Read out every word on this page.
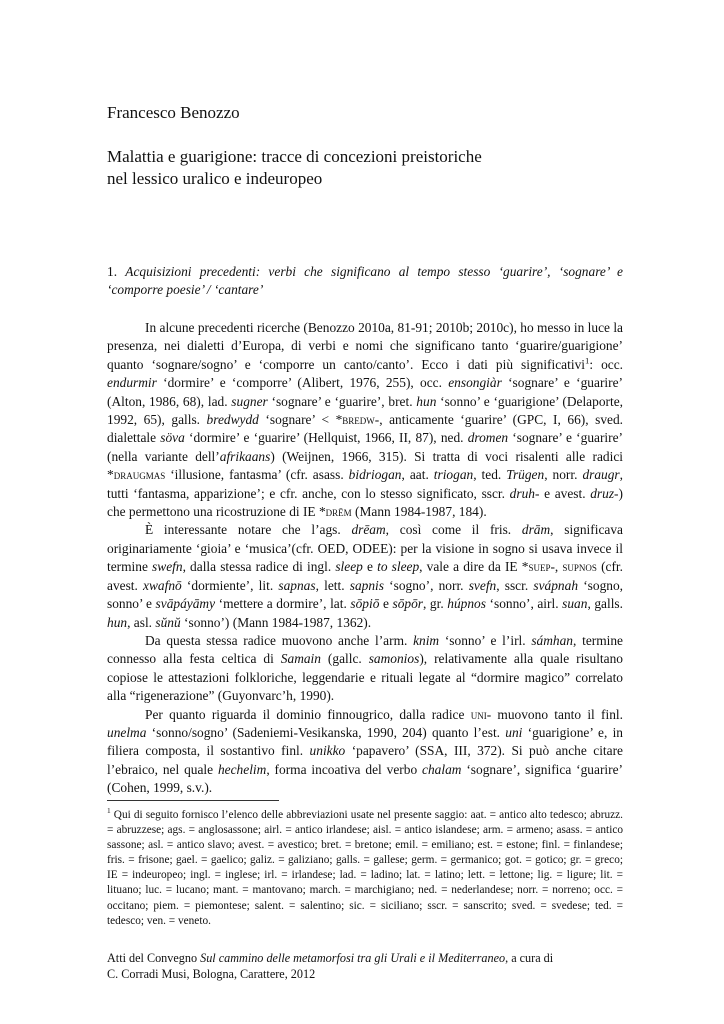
Francesco Benozzo
Malattia e guarigione: tracce di concezioni preistoriche
nel lessico uralico e indeuropeo
1. Acquisizioni precedenti: verbi che significano al tempo stesso ‘guarire’, ‘sognare’ e ‘comporre poesie’ / ‘cantare’

In alcune precedenti ricerche (Benozzo 2010a, 81-91; 2010b; 2010c), ho messo in luce la presenza, nei dialetti d’Europa, di verbi e nomi che significano tanto ‘guarire/guarigione’ quanto ‘sognare/sogno’ e ‘comporre un canto/canto’. Ecco i dati più significativi$^1$: occ. endurmir ‘dormire’ e ‘comporre’ (Alibert, 1976, 255), occ. ensongiàr ‘sognare’ e ‘guarire’ (Alton, 1986, 68), lad. sugner ‘sognare’ e ‘guarire’, bret. hun ‘sonno’ e ‘guarigione’ (Delaporte, 1992, 65), galls. bredwydd ‘sognare’ < *bredw-, anticamente ‘guarire’ (GPC, I, 66), sved. dialettale söva ‘dormire’ e ‘guarire’ (Hellquist, 1966, II, 87), ned. dromen ‘sognare’ e ‘guarire’ (nella variante dell’afrikaans) (Weijnen, 1966, 315). Si tratta di voci risalenti alle radici *draugmas ‘illusione, fantasma’ (cfr. asass. bidriogan, aat. triogan, ted. Trügen, norr. draugr, tutti ‘fantasma, apparizione’; e cfr. anche, con lo stesso significato, sscr. druh- e avest. druz-) che permettono una ricostruzione di IE *drēm (Mann 1984-1987, 184).

È interessante notare che l’ags. drēam, così come il fris. drām, significava originariamente ‘gioia’ e ‘musica’(cfr. OED, ODEE): per la visione in sogno si usava invece il termine swefn, dalla stessa radice di ingl. sleep e to sleep, vale a dire da IE *suep-, supnos (cfr. avest. xwafnō ‘dormiente’, lit. sapnas, lett. sapnis ‘sogno’, norr. svefn, sscr. svápnah ‘sogno, sonno’ e svāpáyāmy ‘mettere a dormire’, lat. sōpiō e sōpōr, gr. húpnos ‘sonno’, airl. suan, galls. hun, asl. sŭnŭ ‘sonno’) (Mann 1984-1987, 1362).

Da questa stessa radice muovono anche l’arm. knim ‘sonno’ e l’irl. sámhan, termine connesso alla festa celtica di Samain (gallc. samonios), relativamente alla quale risultano copiose le attestazioni folkloriche, leggendarie e rituali legate al “dormire magico” correlato alla “rigenerazione” (Guyonvarc’h, 1990).

Per quanto riguarda il dominio finnougrico, dalla radice uni- muovono tanto il finl. unelma ‘sonno/sogno’ (Sadeniemi-Vesikanska, 1990, 204) quanto l’est. uni ‘guarigione’ e, in filiera composta, il sostantivo finl. unikko ‘papavero’ (SSA, III, 372). Si può anche citare l’ebraico, nel quale hechelim, forma incoativa del verbo chalam ‘sognare’, significa ‘guarire’ (Cohen, 1999, s.v.).

$^1$ Qui di seguito fornisco l’elenco delle abbreviazioni usate nel presente saggio: aat. = antico alto tedesco; abruzz. = abruzzese; ags. = anglosassone; airl. = antico irlandese; aisl. = antico islandese; arm. = armeno; asass. = antico sassone; asl. = antico slavo; avest. = avestico; bret. = bretone; emil. = emiliano; est. = estone; finl. = finlandese; fris. = frisone; gael. = gaelico; galiz. = galiziano; galls. = gallese; germ. = germanico; got. = gotico; gr. = greco; IE = indeuropeo; ingl. = inglese; irl. = irlandese; lad. = ladino; lat. = latino; lett. = lettone; lig. = ligure; lit. = lituano; luc. = lucano; mant. = mantovano; march. = marchigiano; ned. = nederlandese; norr. = norreno; occ. = occitano; piem. = piemontese; salent. = salentino; sic. = siciliano; sscr. = sanscrito; sved. = svedese; ted. = tedesco; ven. = veneto.
Atti del Convegno Sul cammino delle metamorfosi tra gli Urali e il Mediterraneo, a cura di
C. Corradi Musi, Bologna, Carattere, 2012
